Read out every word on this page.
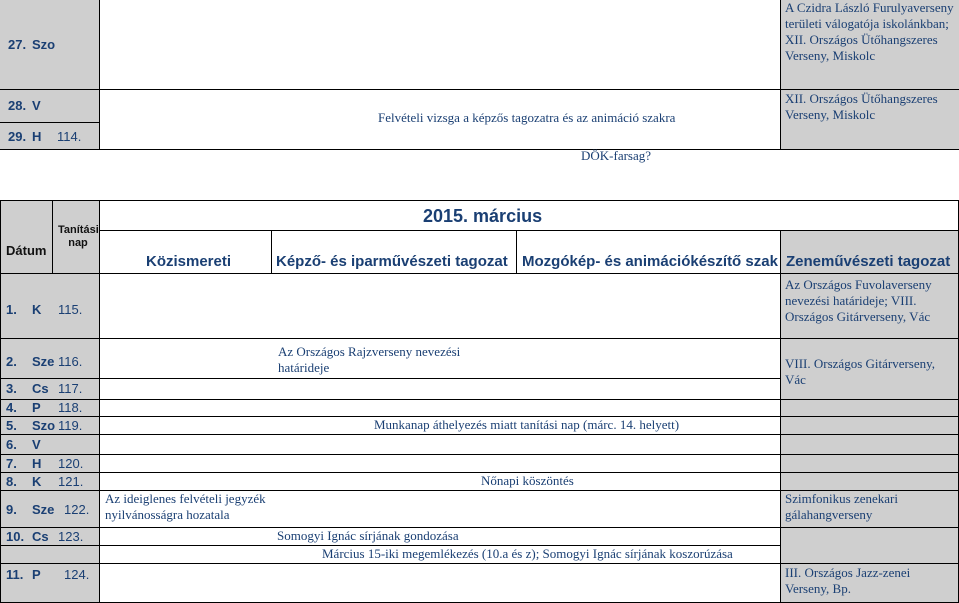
27. Szo
28. V
29. H 114.
Felvételi vizsga a képzős tagozatra és az animáció szakra
DÖK-farsag?
A Czidra László Furulyaverseny területi válogatója iskolánkban; XII. Országos Ütőhangszeres Verseny, Miskolc
XII. Országos Ütőhangszeres Verseny, Miskolc
2015. március
Dátum
Tanítási nap
Közismereti	Képző- és iparművészeti tagozat Mozgókép- és animációkészítő szak Zeneművészeti tagozat
1. K 115.
2. Sze 116.
3. Cs 117.
4. P 118.
5. Szo 119.
6. V
7. H 120.
8. K 121.
9. Sze 122.
10. Cs 123.
11. P 124.
Az Országos Fuvolaverseny nevezési határideje; VIII. Országos Gitárverseny, Vác
Az Országos Rajzverseny nevezési határideje	VIII. Országos Gitárverseny, Vác
Munkanap áthelyezés miatt tanítási nap (márc. 14. helyett)
Nőnapi köszöntés
Az ideiglenes felvételi jegyzék nyilvánosságra hozatala
Szimfonikus zenekari gálahangverseny
Somogyi Ignác sírjának gondozása
Március 15-iki megemlékezés (10.a és z); Somogyi Ignác sírjának koszorúzása
III. Országos Jazz-zenei Verseny, Bp.
